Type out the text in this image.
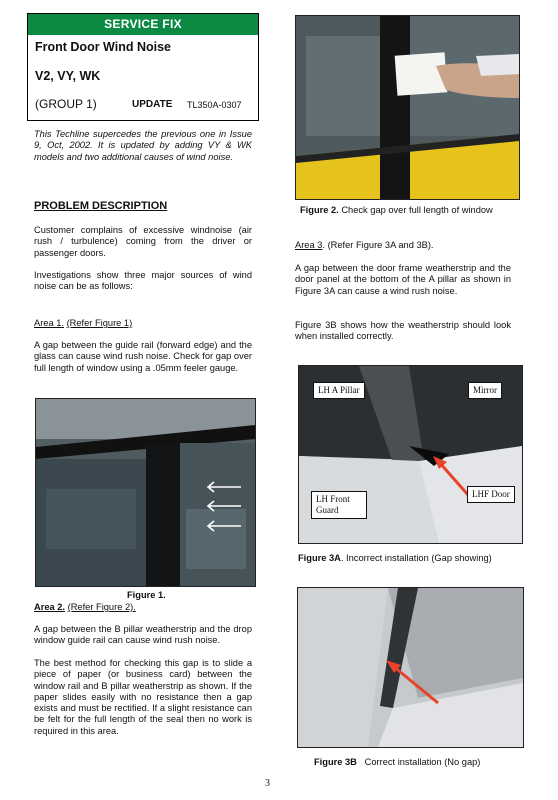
SERVICE FIX
Front Door Wind Noise
V2, VY, WK
(GROUP 1)	UPDATE TL350A-0307

This Techline supercedes the previous one in Issue 9, Oct, 2002. It is updated by adding VY & WK models and two additional causes of wind noise.

PROBLEM DESCRIPTION

Customer complains of excessive windnoise (air rush / turbulence) coming from the driver or passenger doors.

Investigations show three major sources of wind noise can be as follows:

Area 1. (Refer Figure 1)

A gap between the guide rail (forward edge) and the glass can cause wind rush noise. Check for gap over full length of window using a .05mm feeler gauge.

Figure 1.
Area 2. (Refer Figure 2).

A gap between the B pillar weatherstrip and the drop window guide rail can cause wind rush noise.

The best method for checking this gap is to slide a piece of paper (or business card) between the window rail and B pillar weatherstrip as shown. If the paper slides easily with no resistance then a gap exists and must be rectified. If a slight resistance can be felt for the full length of the seal then no work is required in this area.

Figure 2. Check gap over full length of window
Area 3. (Refer Figure 3A and 3B).

A gap between the door frame weatherstrip and the door panel at the bottom of the A pillar as shown in Figure 3A can cause a wind rush noise.

Figure 3B shows how the weatherstrip should look when installed correctly.

LH A Pillar	Mirror
LH Front Guard
LHF Door
Figure 3A. Incorrect installation (Gap showing)
Figure 3B   Correct installation (No gap)
3
